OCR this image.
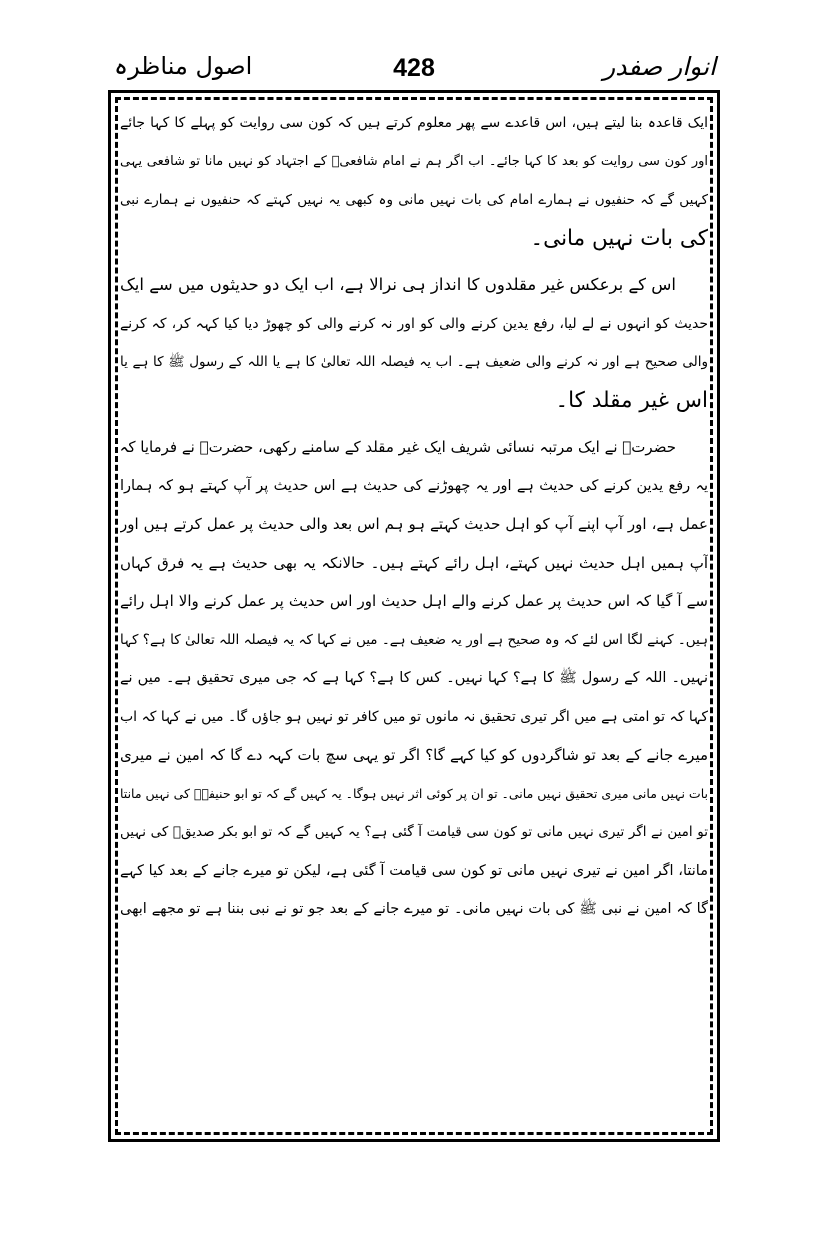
انوار صفدر
428
اصول مناظرہ
ایک قاعدہ بنا لیتے ہیں، اس قاعدے سے پھر معلوم کرتے ہیں کہ کون سی روایت کو پہلے کا کہا جائے
اور کون سی روایت کو بعد کا کہا جائے۔ اب اگر ہم نے امام شافعیؒ کے اجتہاد کو نہیں مانا تو شافعی یہی
کہیں گے کہ حنفیوں نے ہمارے امام کی بات نہیں مانی وہ کبھی یہ نہیں کہتے کہ حنفیوں نے ہمارے نبی
کی بات نہیں مانی۔
اس کے برعکس غیر مقلدوں کا انداز ہی نرالا ہے، اب ایک دو حدیثوں میں سے ایک
حدیث کو انہوں نے لے لیا، رفع یدین کرنے والی کو اور نہ کرنے والی کو چھوڑ دیا کیا کہہ کر، کہ کرنے
والی صحیح ہے اور نہ کرنے والی ضعیف ہے۔ اب یہ فیصلہ اللہ تعالیٰ کا ہے یا اللہ کے رسول ﷺ کا ہے یا
اس غیر مقلد کا۔
حضرتؒ نے ایک مرتبہ نسائی شریف ایک غیر مقلد کے سامنے رکھی، حضرتؒ نے فرمایا کہ
یہ رفع یدین کرنے کی حدیث ہے اور یہ چھوڑنے کی حدیث ہے اس حدیث پر آپ کہتے ہو کہ ہمارا
عمل ہے، اور آپ اپنے آپ کو اہل حدیث کہتے ہو ہم اس بعد والی حدیث پر عمل کرتے ہیں اور
آپ ہمیں اہل حدیث نہیں کہتے، اہل رائے کہتے ہیں۔ حالانکہ یہ بھی حدیث ہے یہ فرق کہاں
سے آ گیا کہ اس حدیث پر عمل کرنے والے اہل حدیث اور اس حدیث پر عمل کرنے والا اہل رائے
ہیں۔ کہنے لگا اس لئے کہ وہ صحیح ہے اور یہ ضعیف ہے۔ میں نے کہا کہ یہ فیصلہ اللہ تعالیٰ کا ہے؟ کہا
نہیں۔ اللہ کے رسول ﷺ کا ہے؟ کہا نہیں۔ کس کا ہے؟ کہا ہے کہ جی میری تحقیق ہے۔ میں نے
کہا کہ تو امتی ہے میں اگر تیری تحقیق نہ مانوں تو میں کافر تو نہیں ہو جاؤں گا۔ میں نے کہا کہ اب
میرے جانے کے بعد تو شاگردوں کو کیا کہے گا؟ اگر تو یہی سچ بات کہہ دے گا کہ امین نے میری
بات نہیں مانی میری تحقیق نہیں مانی۔ تو ان پر کوئی اثر نہیں ہوگا۔ یہ کہیں گے کہ تو ابو حنیفہؒ کی نہیں مانتا
تو امین نے اگر تیری نہیں مانی تو کون سی قیامت آ گئی ہے؟ یہ کہیں گے کہ تو ابو بکر صدیقؓ کی نہیں
مانتا، اگر امین نے تیری نہیں مانی تو کون سی قیامت آ گئی ہے، لیکن تو میرے جانے کے بعد کیا کہے
گا کہ امین نے نبی ﷺ کی بات نہیں مانی۔ تو میرے جانے کے بعد جو تو نے نبی بننا ہے تو مجھے ابھی
